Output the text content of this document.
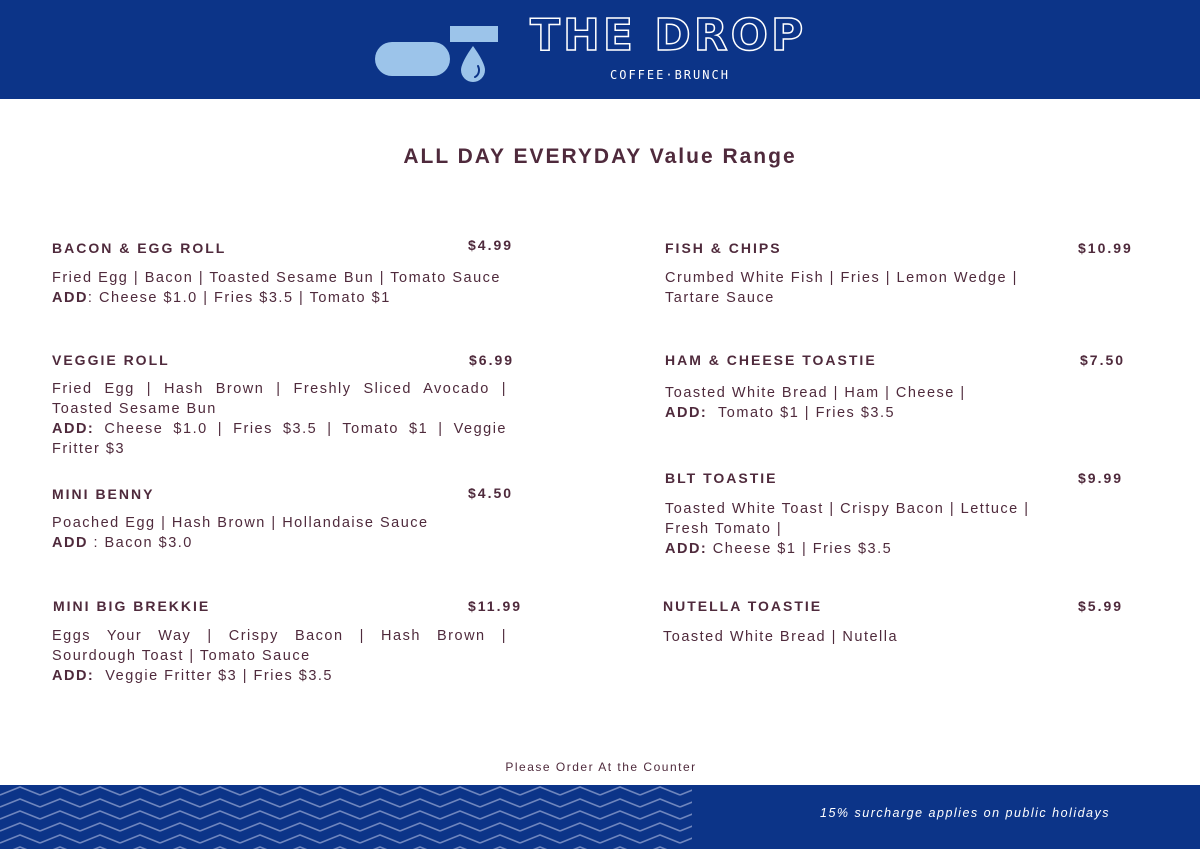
THE DROP
COFFEE·BRUNCH
ALL DAY EVERYDAY Value Range
BACON & EGG ROLL	$4.99
Fried Egg | Bacon | Toasted Sesame Bun | Tomato Sauce
ADD: Cheese $1.0 | Fries $3.5 | Tomato $1
VEGGIE ROLL	$6.99
Fried Egg | Hash Brown | Freshly Sliced Avocado |
Toasted Sesame Bun
ADD: Cheese $1.0 | Fries $3.5 | Tomato $1 | Veggie
Fritter $3
MINI BENNY	$4.50
Poached Egg | Hash Brown | Hollandaise Sauce
ADD : Bacon $3.0
MINI BIG BREKKIE	$11.99
Eggs Your Way | Crispy Bacon | Hash Brown |
Sourdough Toast | Tomato Sauce
ADD:  Veggie Fritter $3 | Fries $3.5
FISH & CHIPS	$10.99
Crumbed White Fish | Fries | Lemon Wedge |
Tartare Sauce
HAM & CHEESE TOASTIE	$7.50
Toasted White Bread | Ham | Cheese |
ADD:  Tomato $1 | Fries $3.5
BLT TOASTIE	$9.99
Toasted White Toast | Crispy Bacon | Lettuce |
Fresh Tomato |
ADD: Cheese $1 | Fries $3.5
NUTELLA TOASTIE	$5.99
Toasted White Bread | Nutella
Please Order At the Counter
15% surcharge applies on public holidays
